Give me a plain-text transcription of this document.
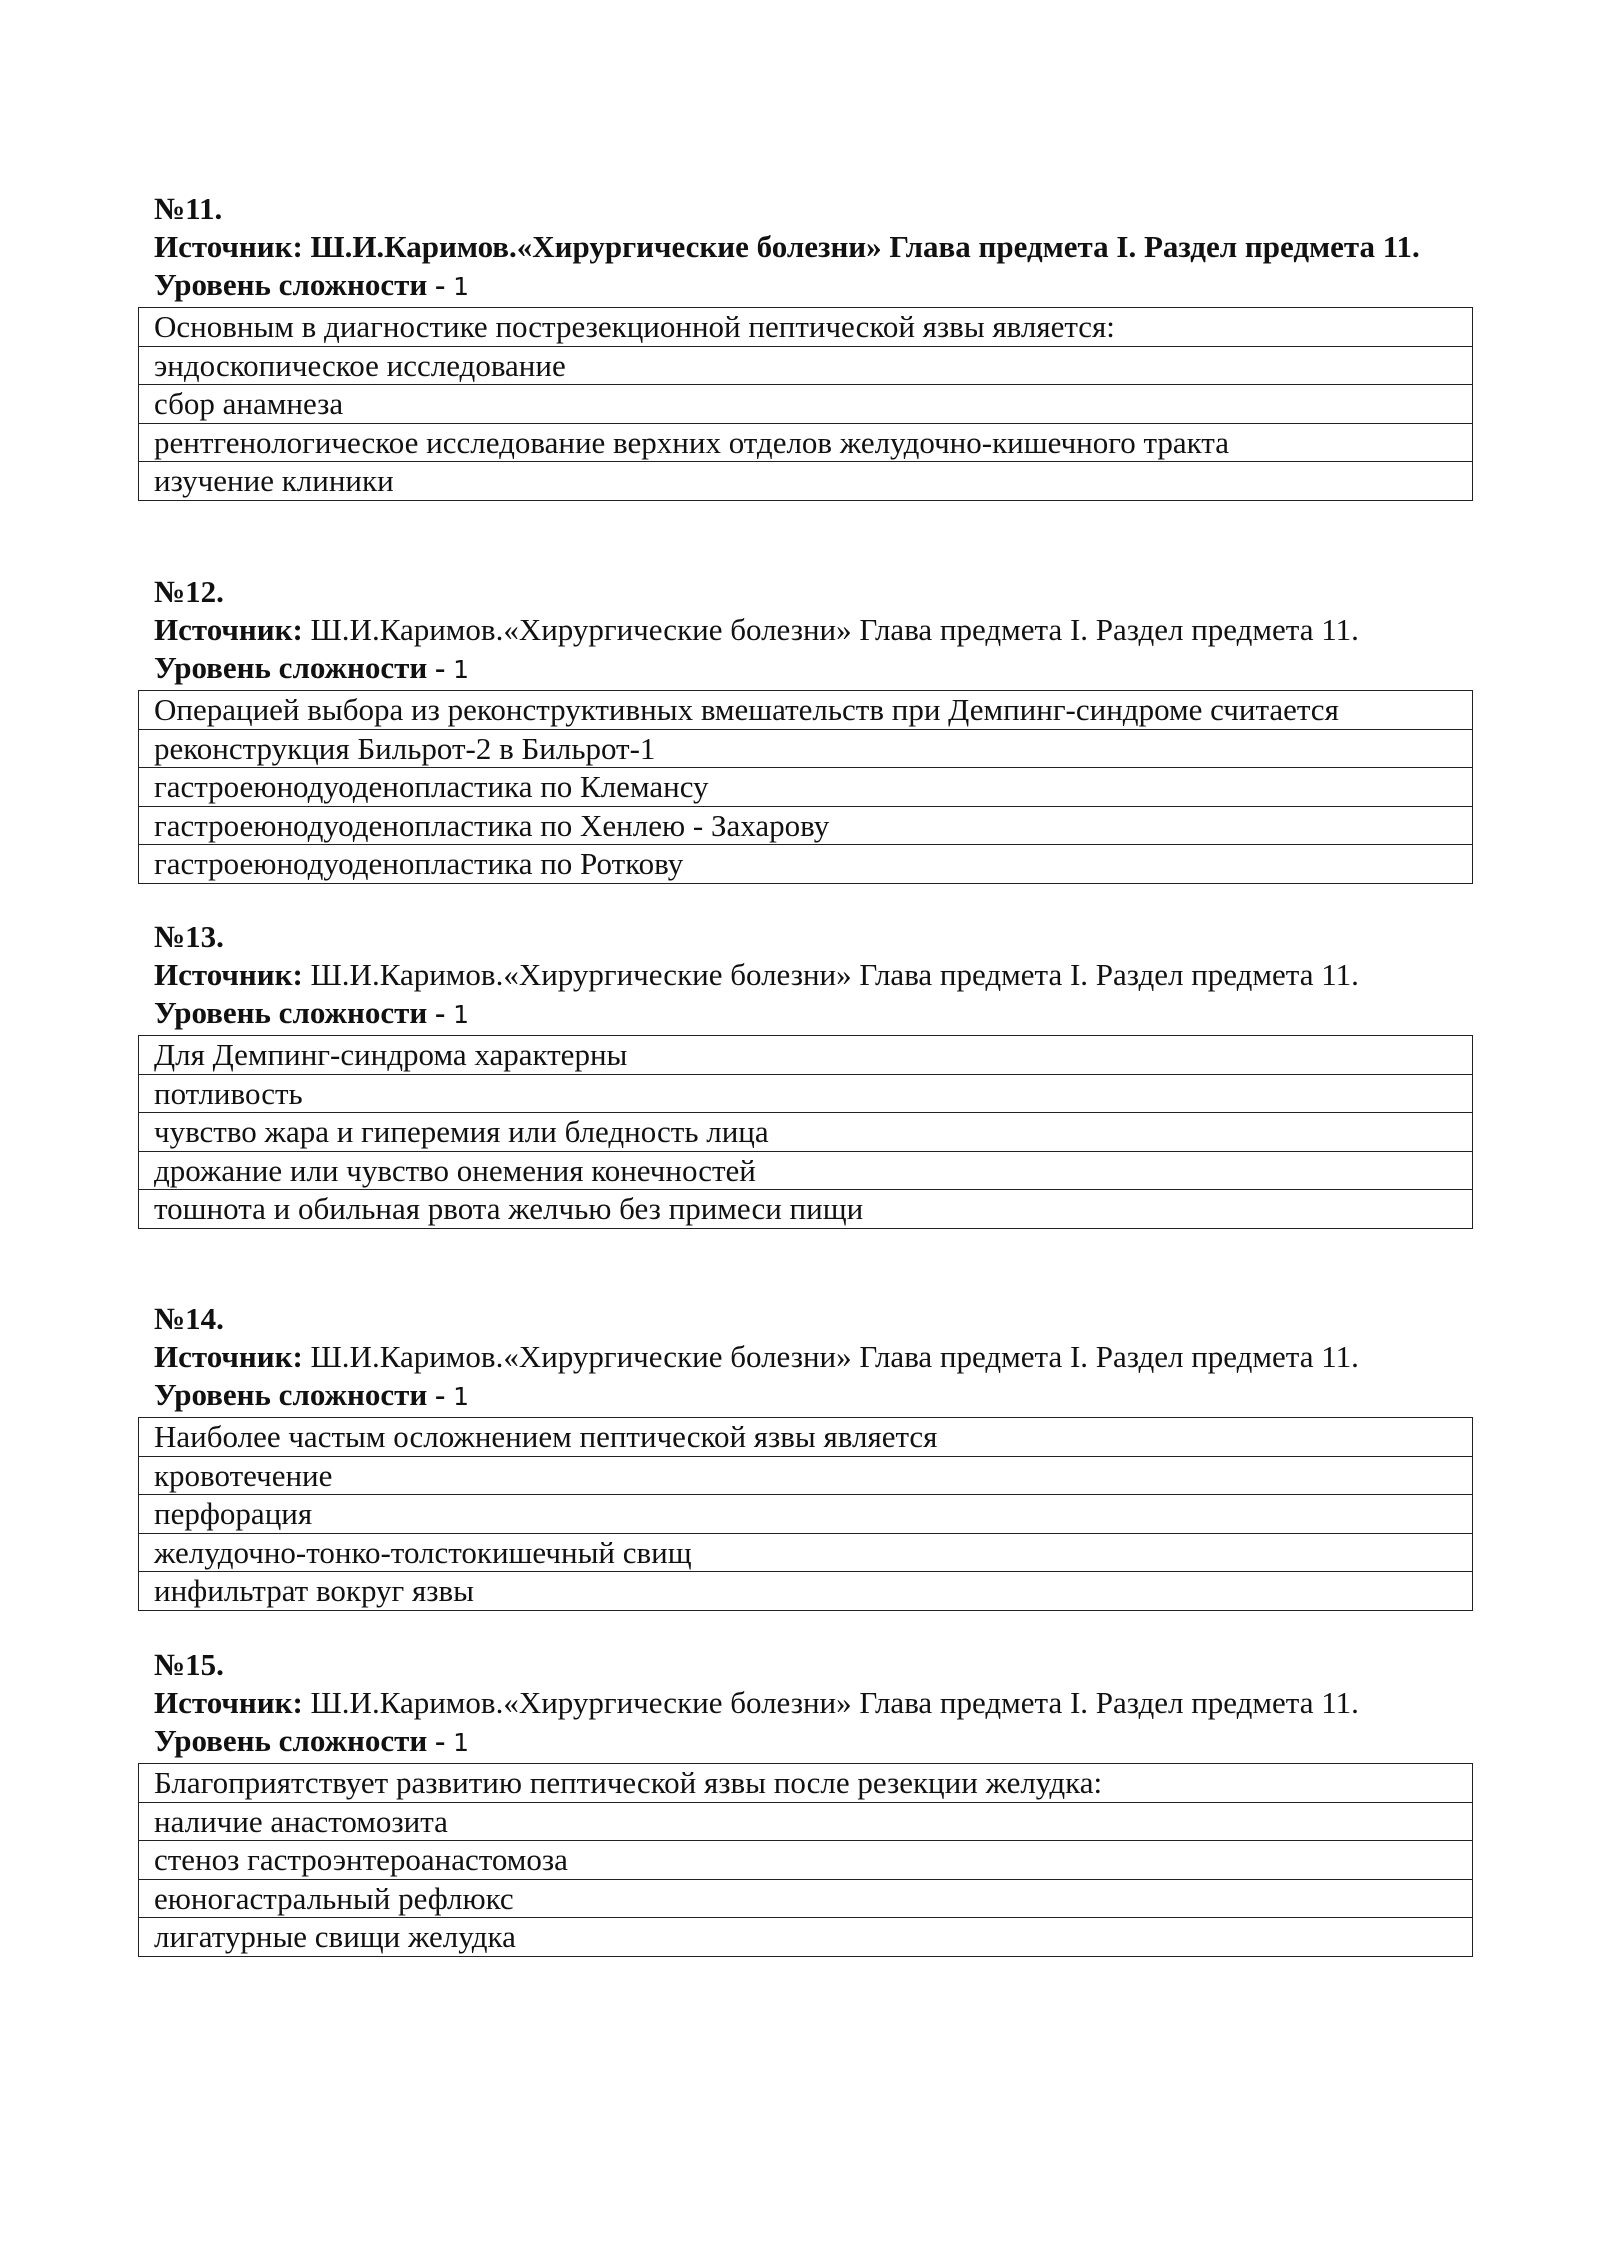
№11.
Источник: Ш.И.Каримов.«Хирургические болезни» Глава предмета I. Раздел предмета 11.
Уровень сложности - 1
Основным в диагностике пострезекционной пептической язвы является:
эндоскопическое исследование
сбор анамнеза
рентгенологическое исследование верхних отделов желудочно-кишечного тракта
изучение клиники
№12.
Источник: Ш.И.Каримов.«Хирургические болезни» Глава предмета I. Раздел предмета 11.
Уровень сложности - 1
Операцией выбора из реконструктивных вмешательств при Демпинг-синдроме считается
реконструкция Бильрот-2 в Бильрот-1
гастроеюнодуоденопластика по Клемансу
гастроеюнодуоденопластика по Хенлею - Захарову
гастроеюнодуоденопластика по Роткову
№13.
Источник: Ш.И.Каримов.«Хирургические болезни» Глава предмета I. Раздел предмета 11.
Уровень сложности - 1
Для Демпинг-синдрома характерны
потливость
чувство жара и гиперемия или бледность лица
дрожание или чувство онемения конечностей
тошнота и обильная рвота желчью без примеси пищи
№14.
Источник: Ш.И.Каримов.«Хирургические болезни» Глава предмета I. Раздел предмета 11.
Уровень сложности - 1
Наиболее частым осложнением пептической язвы является
кровотечение
перфорация
желудочно-тонко-толстокишечный свищ
инфильтрат вокруг язвы
№15.
Источник: Ш.И.Каримов.«Хирургические болезни» Глава предмета I. Раздел предмета 11.
Уровень сложности - 1
Благоприятствует развитию пептической язвы после резекции желудка:
наличие анастомозита
стеноз гастроэнтероанастомоза
еюногастральный рефлюкс
лигатурные свищи желудка
